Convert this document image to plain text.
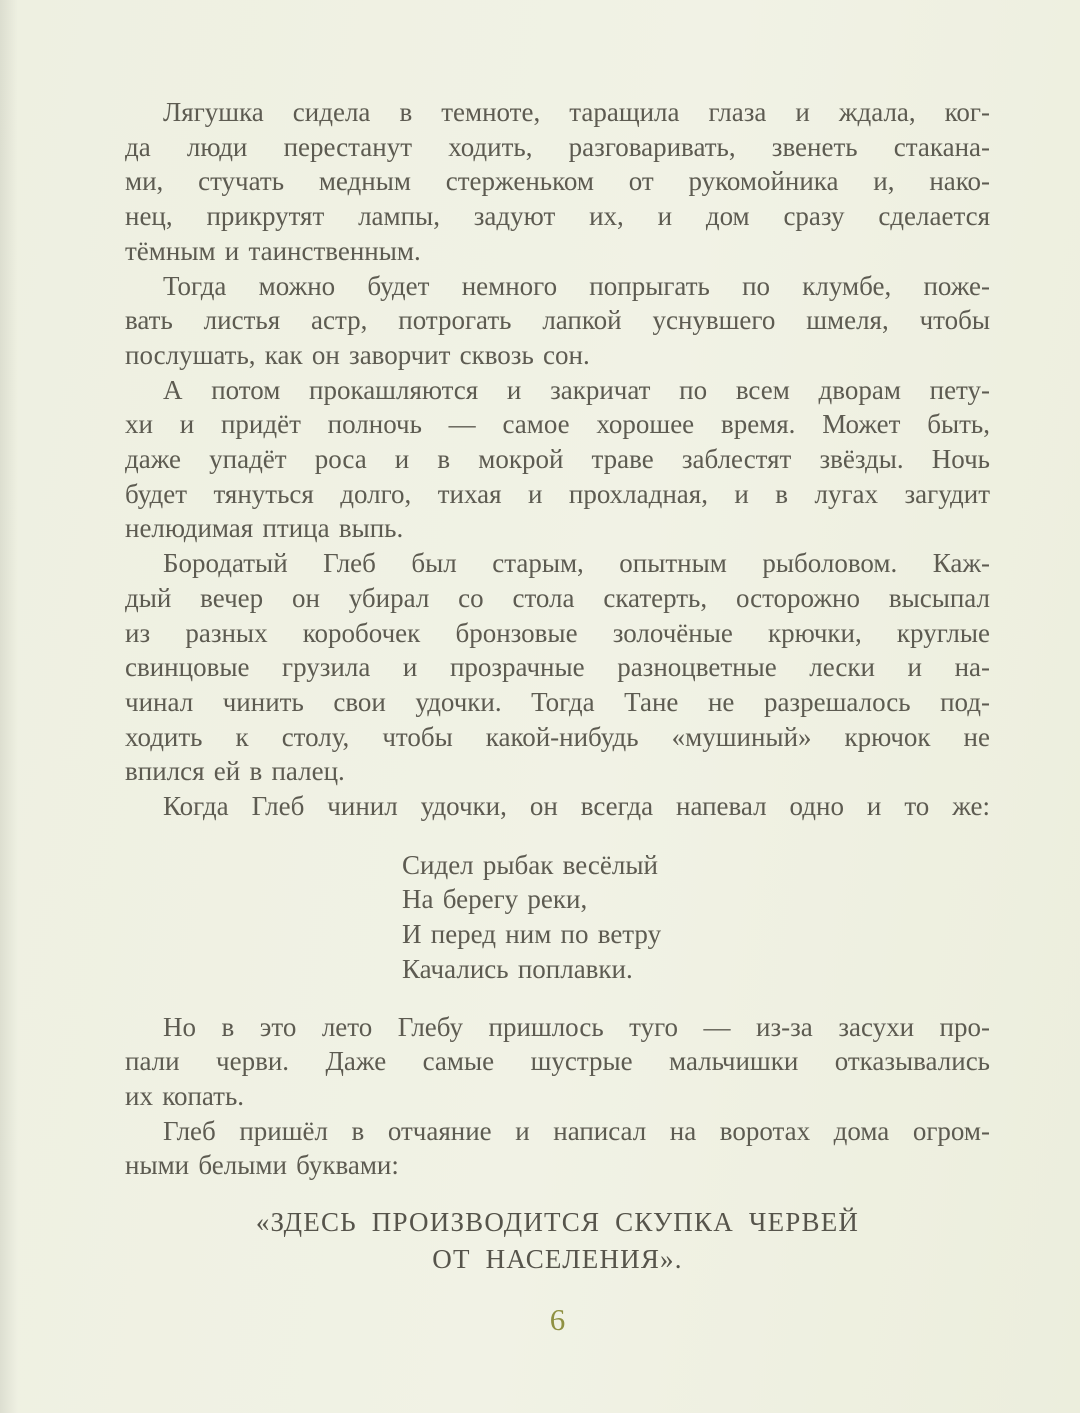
Лягушка сидела в темноте, таращила глаза и ждала, ког-
да люди перестанут ходить, разговаривать, звенеть стакана-
ми, стучать медным стерженьком от рукомойника и, нако-
нец, прикрутят лампы, задуют их, и дом сразу сделается
тёмным и таинственным.

Тогда можно будет немного попрыгать по клумбе, поже-
вать листья астр, потрогать лапкой уснувшего шмеля, чтобы
послушать, как он заворчит сквозь сон.

А потом прокашляются и закричат по всем дворам пету-
хи и придёт полночь — самое хорошее время. Может быть,
даже упадёт роса и в мокрой траве заблестят звёзды. Ночь
будет тянуться долго, тихая и прохладная, и в лугах загудит
нелюдимая птица выпь.

Бородатый Глеб был старым, опытным рыболовом. Каж-
дый вечер он убирал со стола скатерть, осторожно высыпал
из разных коробочек бронзовые золочёные крючки, круглые
свинцовые грузила и прозрачные разноцветные лески и на-
чинал чинить свои удочки. Тогда Тане не разрешалось под-
ходить к столу, чтобы какой-нибудь «мушиный» крючок не
впился ей в палец.

Когда Глеб чинил удочки, он всегда напевал одно и то же:

Сидел рыбак весёлый
На берегу реки,
И перед ним по ветру
Качались поплавки.

Но в это лето Глебу пришлось туго — из-за засухи про-
пали черви. Даже самые шустрые мальчишки отказывались
их копать.

Глеб пришёл в отчаяние и написал на воротах дома огром-
ными белыми буквами:

«ЗДЕСЬ ПРОИЗВОДИТСЯ СКУПКА ЧЕРВЕЙ
ОТ НАСЕЛЕНИЯ».
6
